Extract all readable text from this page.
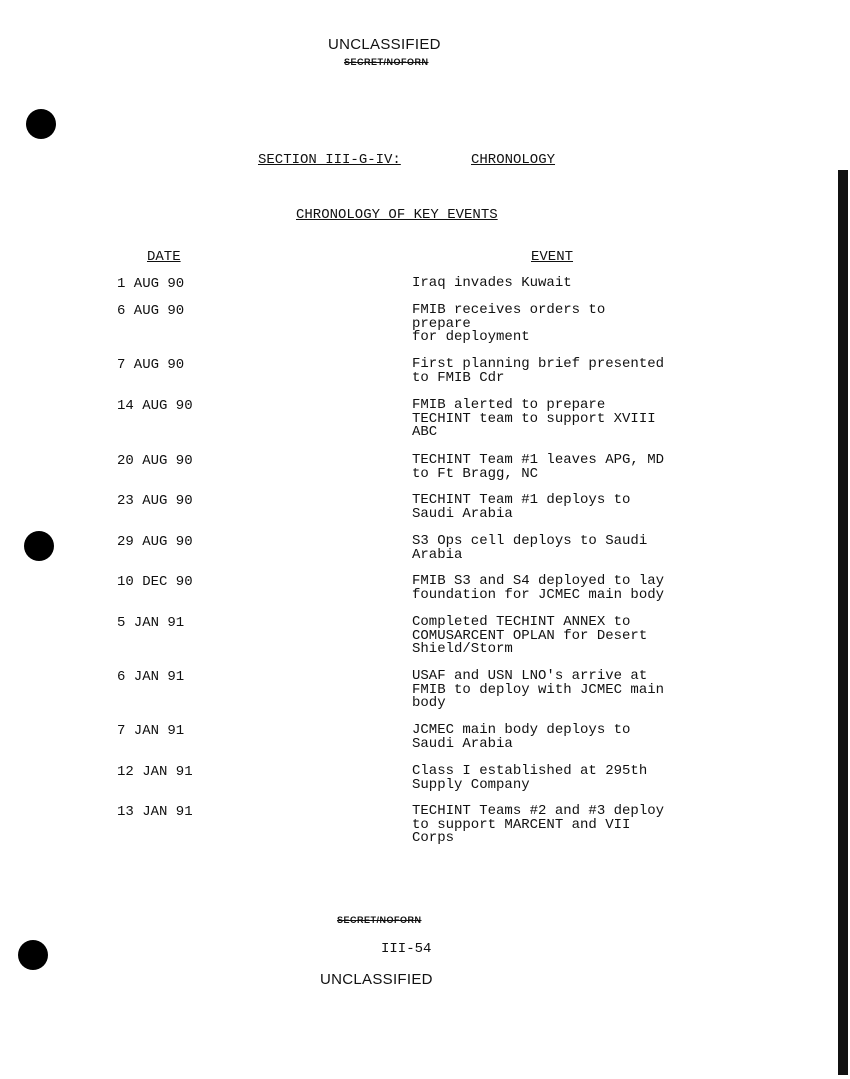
UNCLASSIFIED
SECRET/NOFORN
SECTION III-G-IV:	CHRONOLOGY
CHRONOLOGY OF KEY EVENTS
DATE	EVENT
1 AUG 90	Iraq invades Kuwait
6 AUG 90	FMIB receives orders to
prepare
for deployment
7 AUG 90	First planning brief presented
to FMIB Cdr
14 AUG 90	FMIB alerted to prepare
TECHINT team to support XVIII
ABC
20 AUG 90	TECHINT Team #1 leaves APG, MD
to Ft Bragg, NC
23 AUG 90	TECHINT Team #1 deploys to
Saudi Arabia
29 AUG 90	S3 Ops cell deploys to Saudi
Arabia
10 DEC 90	FMIB S3 and S4 deployed to lay
foundation for JCMEC main body
5 JAN 91	Completed TECHINT ANNEX to
COMUSARCENT OPLAN for Desert
Shield/Storm
6 JAN 91	USAF and USN LNO's arrive at
FMIB to deploy with JCMEC main
body
7 JAN 91	JCMEC main body deploys to
Saudi Arabia
12 JAN 91	Class I established at 295th
Supply Company
13 JAN 91	TECHINT Teams #2 and #3 deploy
to support MARCENT and VII
Corps
SECRET/NOFORN
III-54
UNCLASSIFIED
